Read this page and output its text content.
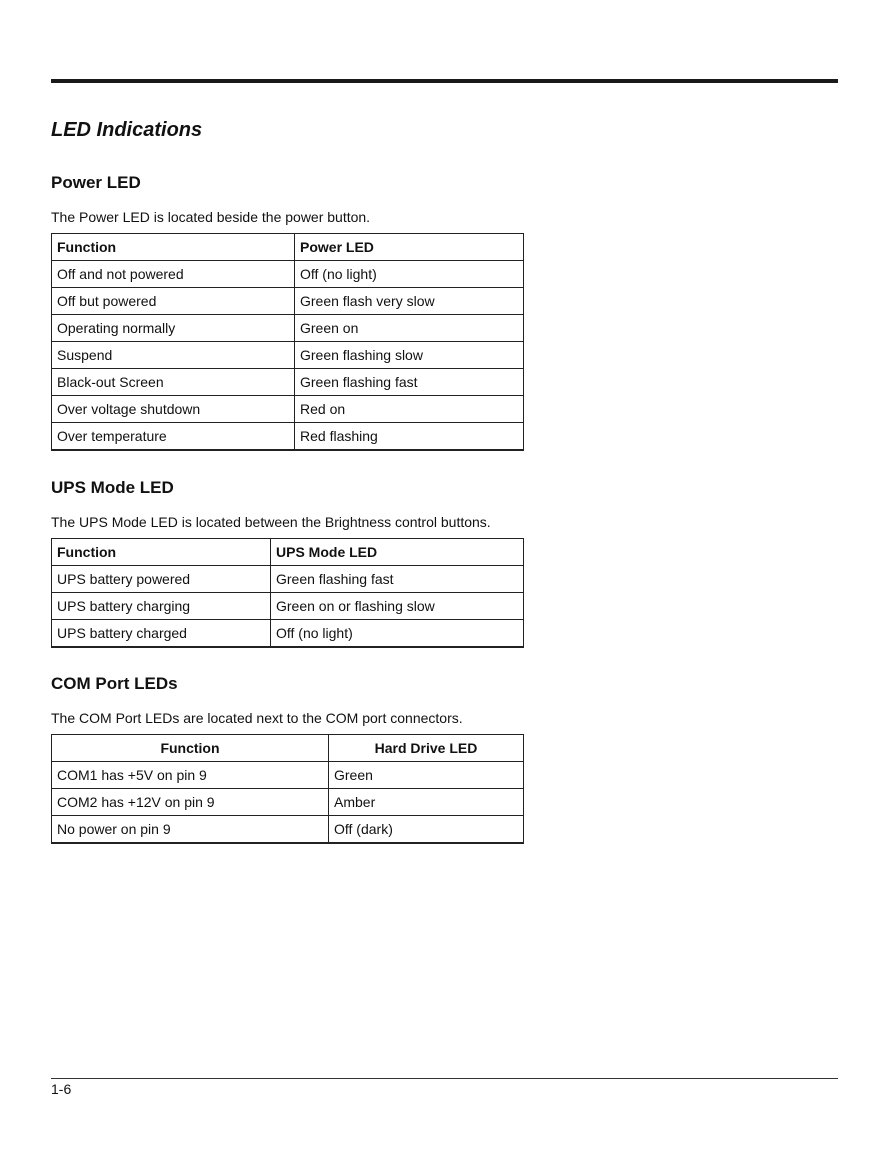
LED Indications
Power LED

The Power LED is located beside the power button.

Function	Power LED
Off and not powered	Off (no light)
Off but powered	Green flash very slow
Operating normally	Green on
Suspend	Green flashing slow
Black-out Screen	Green flashing fast
Over voltage shutdown	Red on
Over temperature	Red flashing
UPS Mode LED

The UPS Mode LED is located between the Brightness control buttons.

Function	UPS Mode LED
UPS battery powered	Green flashing fast
UPS battery charging	Green on or flashing slow
UPS battery charged	Off (no light)
COM Port LEDs

The COM Port LEDs are located next to the COM port connectors.

Function	Hard Drive LED
COM1 has +5V on pin 9	Green
COM2 has +12V on pin 9	Amber
No power on pin 9	Off (dark)
1-6
